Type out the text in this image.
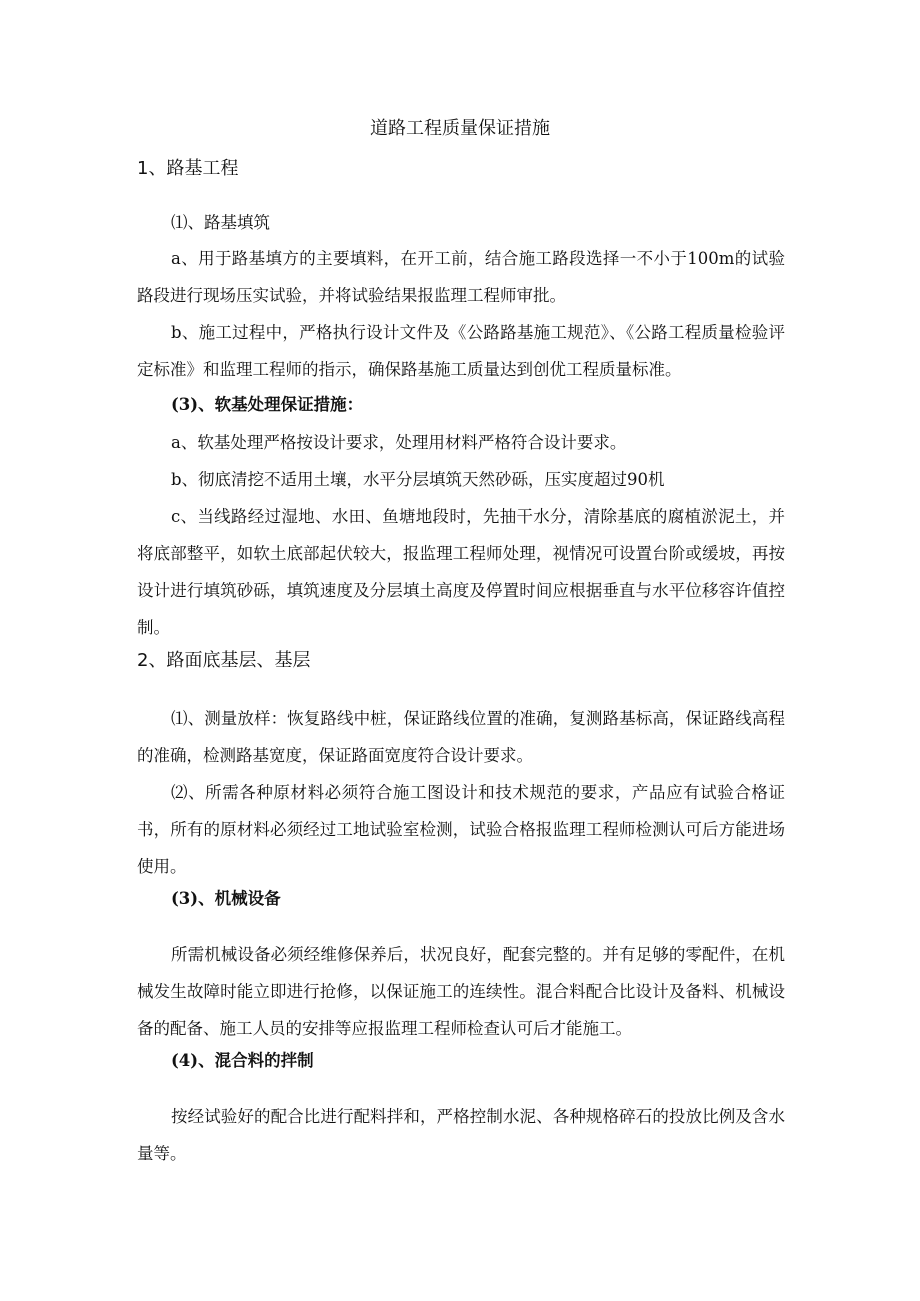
道路工程质量保证措施
1、路基工程

⑴、路基填筑

a、用于路基填方的主要填料，在开工前，结合施工路段选择一不小于100m的试验路段进行现场压实试验，并将试验结果报监理工程师审批。

b、施工过程中，严格执行设计文件及《公路路基施工规范》、《公路工程质量检验评定标准》和监理工程师的指示，确保路基施工质量达到创优工程质量标准。

(3)、软基处理保证措施：

a、软基处理严格按设计要求，处理用材料严格符合设计要求。

b、彻底清挖不适用土壤，水平分层填筑天然砂砾，压实度超过90机

c、当线路经过湿地、水田、鱼塘地段时，先抽干水分，清除基底的腐植淤泥土，并将底部整平，如软土底部起伏较大，报监理工程师处理，视情况可设置台阶或缓坡，再按设计进行填筑砂砾，填筑速度及分层填土高度及停置时间应根据垂直与水平位移容许值控制。

2、路面底基层、基层

⑴、测量放样：恢复路线中桩，保证路线位置的准确，复测路基标高，保证路线高程的准确，检测路基宽度，保证路面宽度符合设计要求。

⑵、所需各种原材料必须符合施工图设计和技术规范的要求，产品应有试验合格证书，所有的原材料必须经过工地试验室检测，试验合格报监理工程师检测认可后方能进场使用。

(3)、机械设备

所需机械设备必须经维修保养后，状况良好，配套完整的。并有足够的零配件，在机械发生故障时能立即进行抢修，以保证施工的连续性。混合料配合比设计及备料、机械设备的配备、施工人员的安排等应报监理工程师检查认可后才能施工。

(4)、混合料的拌制

按经试验好的配合比进行配料拌和，严格控制水泥、各种规格碎石的投放比例及含水量等。
